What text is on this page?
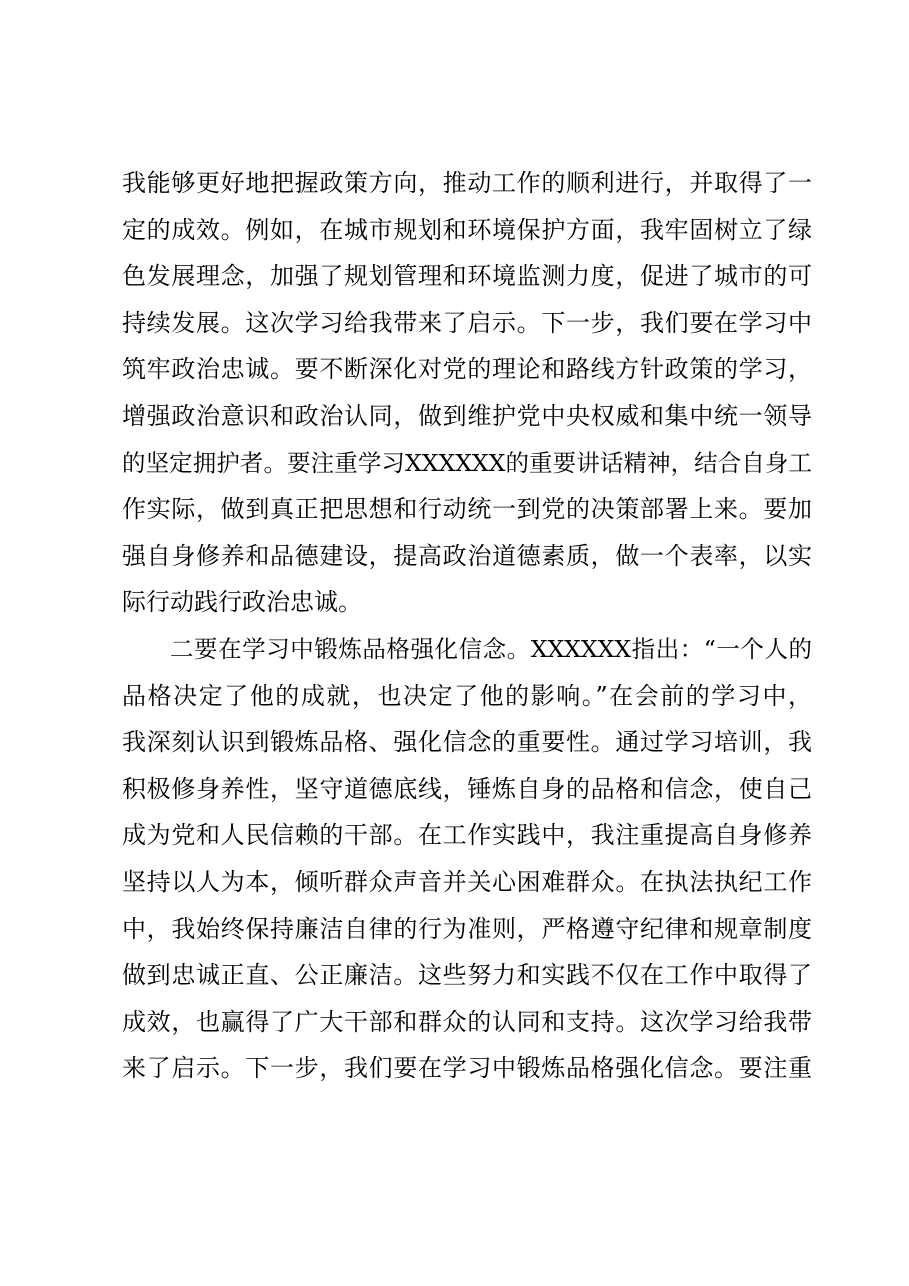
我能够更好地把握政策方向，推动工作的顺利进行，并取得了一
定的成效。例如，在城市规划和环境保护方面，我牢固树立了绿
色发展理念，加强了规划管理和环境监测力度，促进了城市的可
持续发展。这次学习给我带来了启示。下一步，我们要在学习中
筑牢政治忠诚。要不断深化对党的理论和路线方针政策的学习，
增强政治意识和政治认同，做到维护党中央权威和集中统一领导
的坚定拥护者。要注重学习XXXXXX的重要讲话精神，结合自身工
作实际，做到真正把思想和行动统一到党的决策部署上来。要加
强自身修养和品德建设，提高政治道德素质，做一个表率，以实
际行动践行政治忠诚。
二要在学习中锻炼品格强化信念。XXXXXX指出：“一个人的
品格决定了他的成就，也决定了他的影响。”在会前的学习中，
我深刻认识到锻炼品格、强化信念的重要性。通过学习培训，我
积极修身养性，坚守道德底线，锤炼自身的品格和信念，使自己
成为党和人民信赖的干部。在工作实践中，我注重提高自身修养
坚持以人为本，倾听群众声音并关心困难群众。在执法执纪工作
中，我始终保持廉洁自律的行为准则，严格遵守纪律和规章制度
做到忠诚正直、公正廉洁。这些努力和实践不仅在工作中取得了
成效，也赢得了广大干部和群众的认同和支持。这次学习给我带
来了启示。下一步，我们要在学习中锻炼品格强化信念。要注重
